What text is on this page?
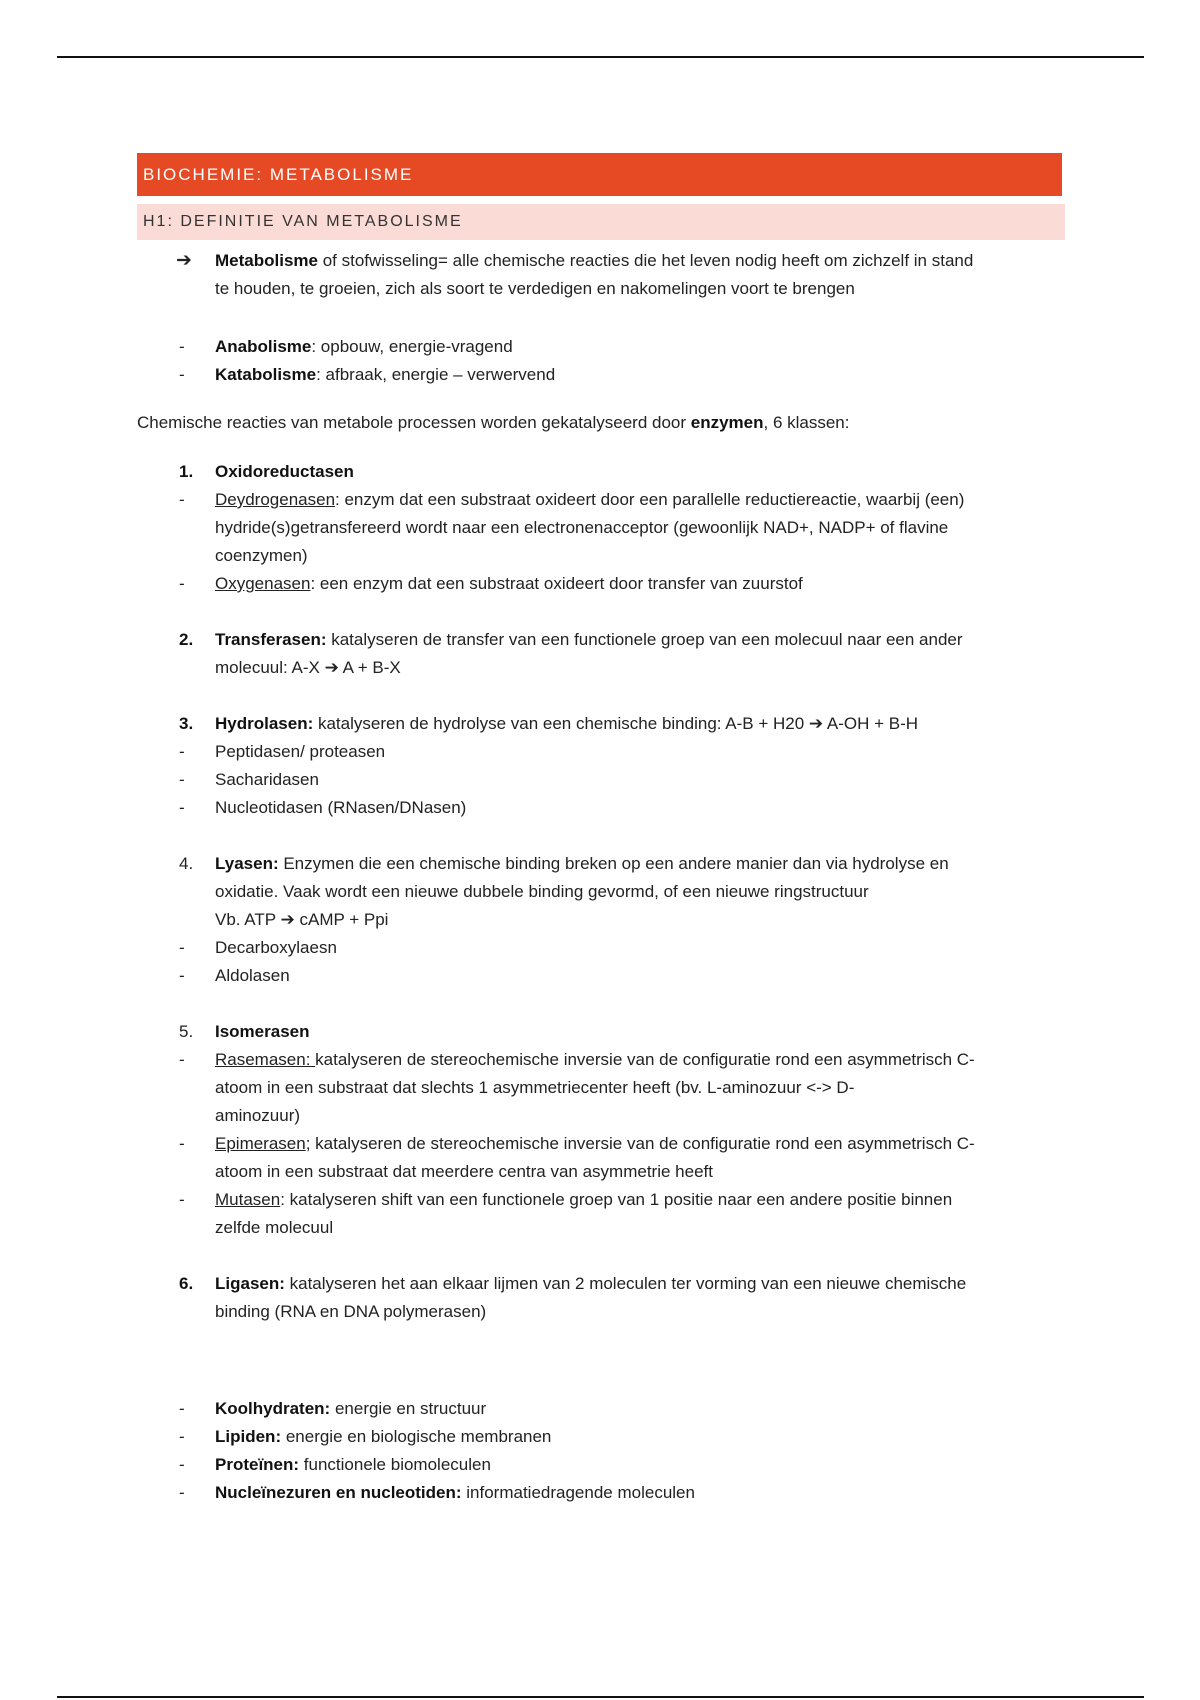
BIOCHEMIE: METABOLISME
H1: DEFINITIE VAN METABOLISME
➔	Metabolisme of stofwisseling= alle chemische reacties die het leven nodig heeft om zichzelf in stand
te houden, te groeien, zich als soort te verdedigen en nakomelingen voort te brengen
-	Anabolisme: opbouw, energie-vragend
-	Katabolisme: afbraak, energie – verwervend
Chemische reacties van metabole processen worden gekatalyseerd door enzymen, 6 klassen:
1.	Oxidoreductasen
-	Deydrogenasen: enzym dat een substraat oxideert door een parallelle reductiereactie, waarbij (een)
hydride(s)getransfereerd wordt naar een electronenacceptor (gewoonlijk NAD+, NADP+ of flavine
coenzymen)
-	Oxygenasen: een enzym dat een substraat oxideert door transfer van zuurstof
2.	Transferasen: katalyseren de transfer van een functionele groep van een molecuul naar een ander
molecuul: A-X ➔ A + B-X
3.	Hydrolasen: katalyseren de hydrolyse van een chemische binding: A-B + H20 ➔ A-OH + B-H
-	Peptidasen/ proteasen
-	Sacharidasen
-	Nucleotidasen (RNasen/DNasen)
4.	Lyasen: Enzymen die een chemische binding breken op een andere manier dan via hydrolyse en
oxidatie. Vaak wordt een nieuwe dubbele binding gevormd, of een nieuwe ringstructuur
Vb. ATP ➔ cAMP + Ppi
-	Decarboxylaesn
-	Aldolasen
5.	Isomerasen
-	Rasemasen: katalyseren de stereochemische inversie van de configuratie rond een asymmetrisch C-
atoom in een substraat dat slechts 1 asymmetriecenter heeft (bv. L-aminozuur <-> D-
aminozuur)
-	Epimerasen; katalyseren de stereochemische inversie van de configuratie rond een asymmetrisch C-
atoom in een substraat dat meerdere centra van asymmetrie heeft
-	Mutasen: katalyseren shift van een functionele groep van 1 positie naar een andere positie binnen
zelfde molecuul
6.	Ligasen: katalyseren het aan elkaar lijmen van 2 moleculen ter vorming van een nieuwe chemische
binding (RNA en DNA polymerasen)
-	Koolhydraten: energie en structuur
-	Lipiden: energie en biologische membranen
-	Proteïnen: functionele biomoleculen
-	Nucleïnezuren en nucleotiden: informatiedragende moleculen
